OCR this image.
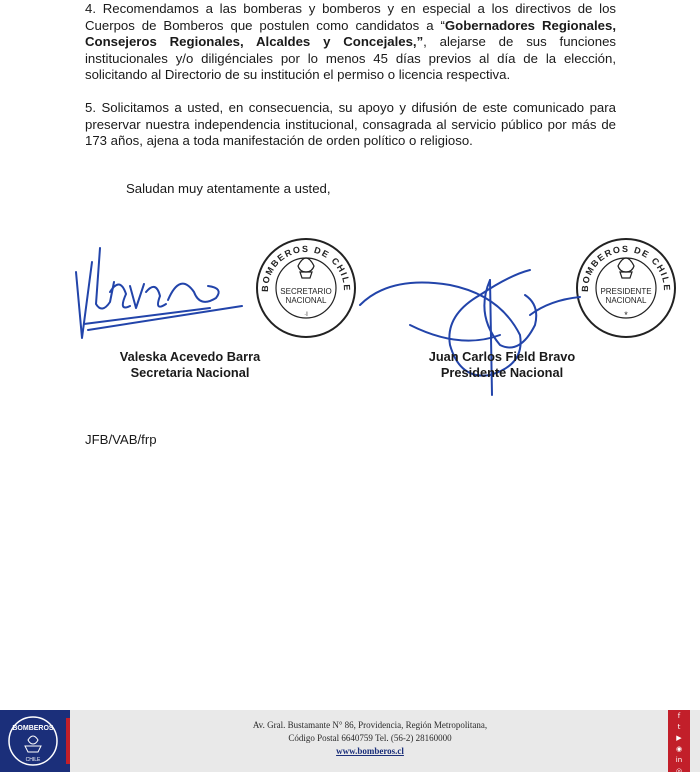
4. Recomendamos a las bomberas y bomberos y en especial a los directivos de los Cuerpos de Bomberos que postulen como candidatos a “Gobernadores Regionales, Consejeros Regionales, Alcaldes y Concejales,”, alejarse de sus funciones institucionales y/o diligénciales por lo menos 45 días previos al día de la elección, solicitando al Directorio de su institución el permiso o licencia respectiva.

5. Solicitamos a usted, en consecuencia, su apoyo y difusión de este comunicado para preservar nuestra independencia institucional, consagrada al servicio público por más de 173 años, ajena a toda manifestación de orden político o religioso.

Saludan muy atentamente a usted,
BOMBEROS DE CHILE
SECRETARIO
NACIONAL
·I
BOMBEROS DE CHILE
PRESIDENTE
NACIONAL
*
Valeska Acevedo Barra
Secretaria Nacional
Juan Carlos Field Bravo
Presidente Nacional
JFB/VAB/frp
BOMBEROS
CHILE
Av. Gral. Bustamante N° 86, Providencia, Región Metropolitana,
Código Postal 6640759 Tel. (56-2) 28160000
www.bomberos.cl
f
t
▶
◉
in
◎
